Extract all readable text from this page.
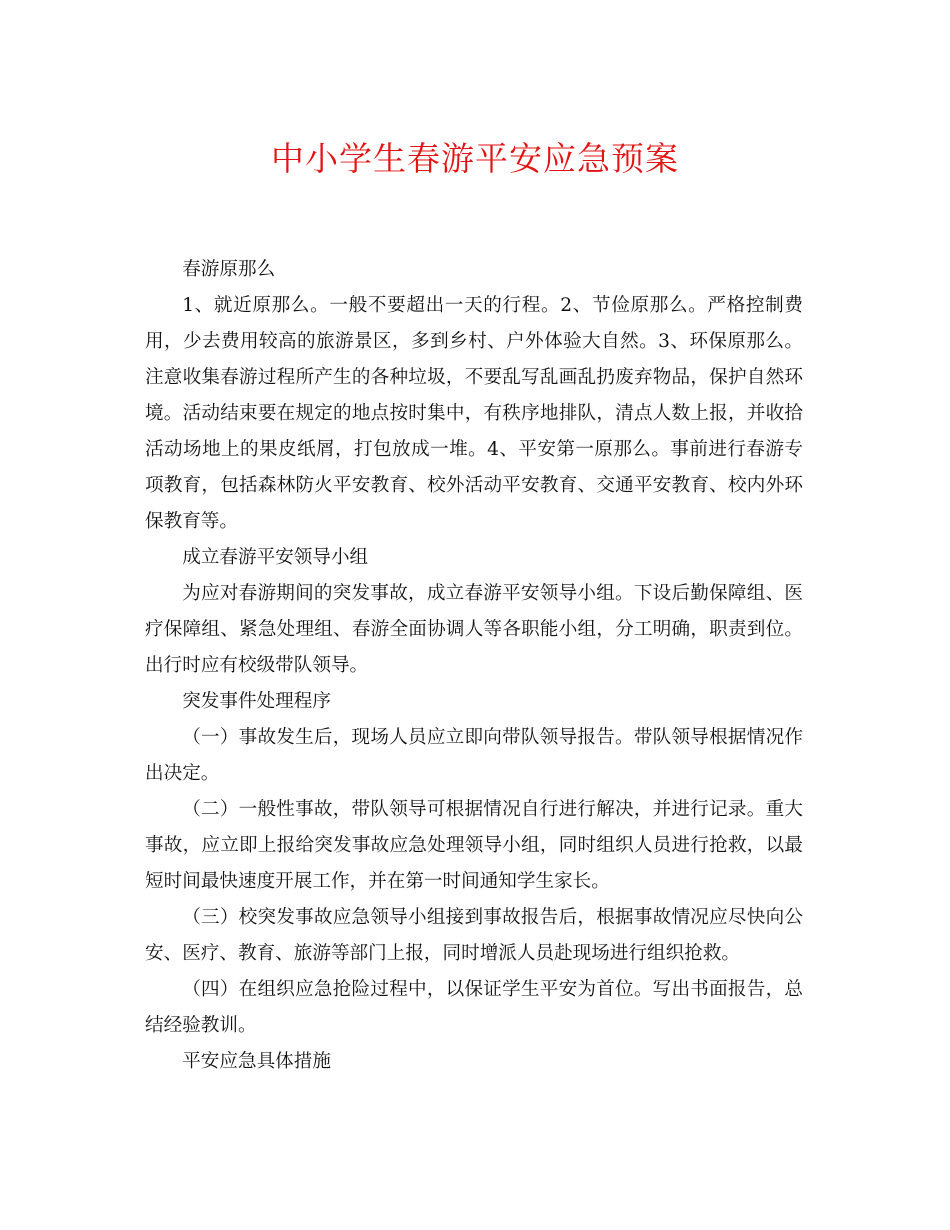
中小学生春游平安应急预案

春游原那么

1、就近原那么。一般不要超出一天的行程。2、节俭原那么。严格控制费用，少去费用较高的旅游景区，多到乡村、户外体验大自然。3、环保原那么。注意收集春游过程所产生的各种垃圾，不要乱写乱画乱扔废弃物品，保护自然环境。活动结束要在规定的地点按时集中，有秩序地排队，清点人数上报，并收拾活动场地上的果皮纸屑，打包放成一堆。4、平安第一原那么。事前进行春游专项教育，包括森林防火平安教育、校外活动平安教育、交通平安教育、校内外环保教育等。

成立春游平安领导小组

为应对春游期间的突发事故，成立春游平安领导小组。下设后勤保障组、医疗保障组、紧急处理组、春游全面协调人等各职能小组，分工明确，职责到位。出行时应有校级带队领导。

突发事件处理程序

（一）事故发生后，现场人员应立即向带队领导报告。带队领导根据情况作出决定。

（二）一般性事故，带队领导可根据情况自行进行解决，并进行记录。重大事故，应立即上报给突发事故应急处理领导小组，同时组织人员进行抢救，以最短时间最快速度开展工作，并在第一时间通知学生家长。

（三）校突发事故应急领导小组接到事故报告后，根据事故情况应尽快向公安、医疗、教育、旅游等部门上报，同时增派人员赴现场进行组织抢救。

（四）在组织应急抢险过程中，以保证学生平安为首位。写出书面报告，总结经验教训。

平安应急具体措施
